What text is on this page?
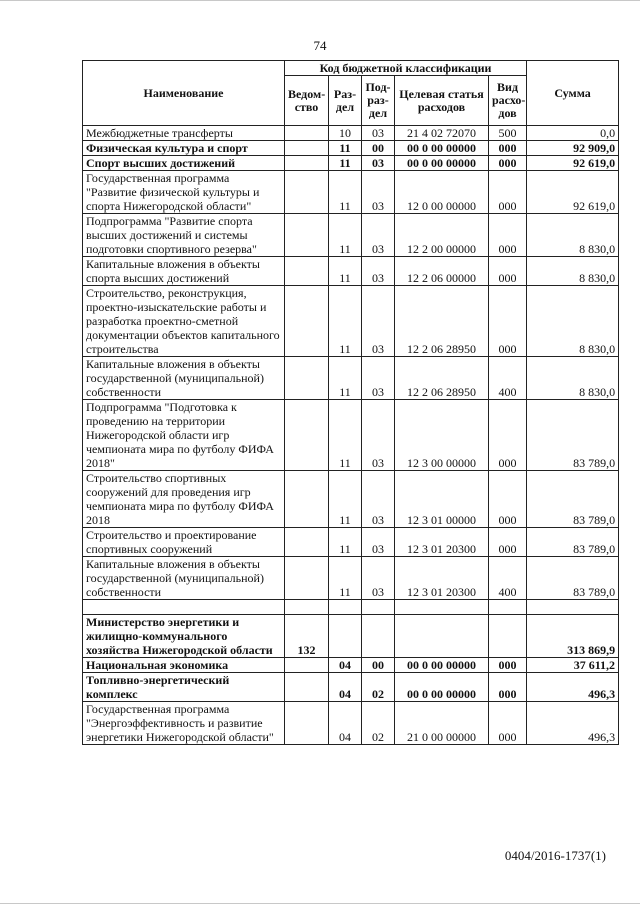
74
Наименование	Код бюджетной классификации					Сумма
	Ведом-ство	Раз-дел	Под-раз-дел	Целевая статья расходов	Вид расхо-дов	
Межбюджетные трансферты		10	03	21 4 02 72070	500	0,0
Физическая культура и спорт		11	00	00 0 00 00000	000	92 909,0
Спорт высших достижений		11	03	00 0 00 00000	000	92 619,0
Государственная программа "Развитие физической культуры и спорта Нижегородской области"		11	03	12 0 00 00000	000	92 619,0
Подпрограмма "Развитие спорта высших достижений и системы подготовки спортивного резерва"		11	03	12 2 00 00000	000	8 830,0
Капитальные вложения в объекты спорта высших достижений		11	03	12 2 06 00000	000	8 830,0
Строительство, реконструкция, проектно-изыскательские работы и разработка проектно-сметной документации объектов капитального строительства		11	03	12 2 06 28950	000	8 830,0
Капитальные вложения в объекты государственной (муниципальной) собственности		11	03	12 2 06 28950	400	8 830,0
Подпрограмма "Подготовка к проведению на территории Нижегородской области игр чемпионата мира по футболу ФИФА 2018"		11	03	12 3 00 00000	000	83 789,0
Строительство спортивных сооружений для проведения игр чемпионата мира по футболу ФИФА 2018		11	03	12 3 01 00000	000	83 789,0
Строительство и проектирование спортивных сооружений		11	03	12 3 01 20300	000	83 789,0
Капитальные вложения в объекты государственной (муниципальной) собственности		11	03	12 3 01 20300	400	83 789,0

Министерство энергетики и жилищно-коммунального хозяйства Нижегородской области	132					313 869,9
Национальная экономика		04	00	00 0 00 00000	000	37 611,2
Топливно-энергетический комплекс		04	02	00 0 00 00000	000	496,3
Государственная программа "Энергоэффективность и развитие энергетики Нижегородской области"		04	02	21 0 00 00000	000	496,3
0404/2016-1737(1)
